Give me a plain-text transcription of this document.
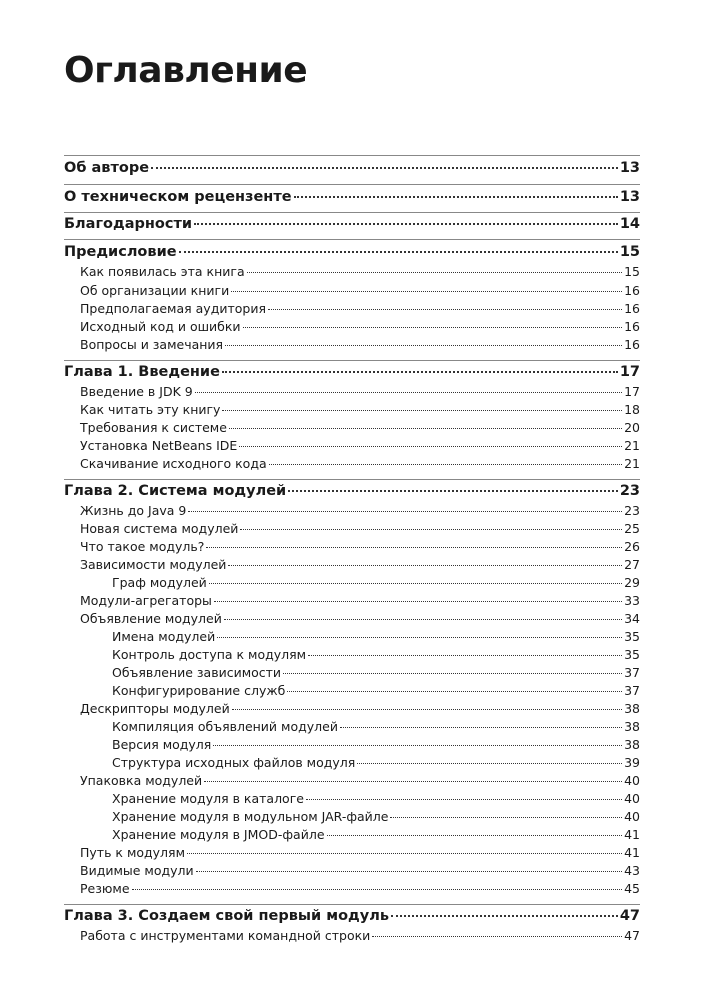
Оглавление
Об авторе	13
О техническом рецензенте	13
Благодарности	14
Предисловие	15
Как появилась эта книга	15
Об организации книги	16
Предполагаемая аудитория	16
Исходный код и ошибки	16
Вопросы и замечания	16
Глава 1. Введение	17
Введение в JDK 9	17
Как читать эту книгу	18
Требования к системе	20
Установка NetBeans IDE	21
Скачивание исходного кода	21
Глава 2. Система модулей	23
Жизнь до Java 9	23
Новая система модулей	25
Что такое модуль?	26
Зависимости модулей	27
Граф модулей	29
Модули-агрегаторы	33
Объявление модулей	34
Имена модулей	35
Контроль доступа к модулям	35
Объявление зависимости	37
Конфигурирование служб	37
Дескрипторы модулей	38
Компиляция объявлений модулей	38
Версия модуля	38
Структура исходных файлов модуля	39
Упаковка модулей	40
Хранение модуля в каталоге	40
Хранение модуля в модульном JAR-файле	40
Хранение модуля в JMOD-файле	41
Путь к модулям	41
Видимые модули	43
Резюме	45
Глава 3. Создаем свой первый модуль	47
Работа с инструментами командной строки	47
